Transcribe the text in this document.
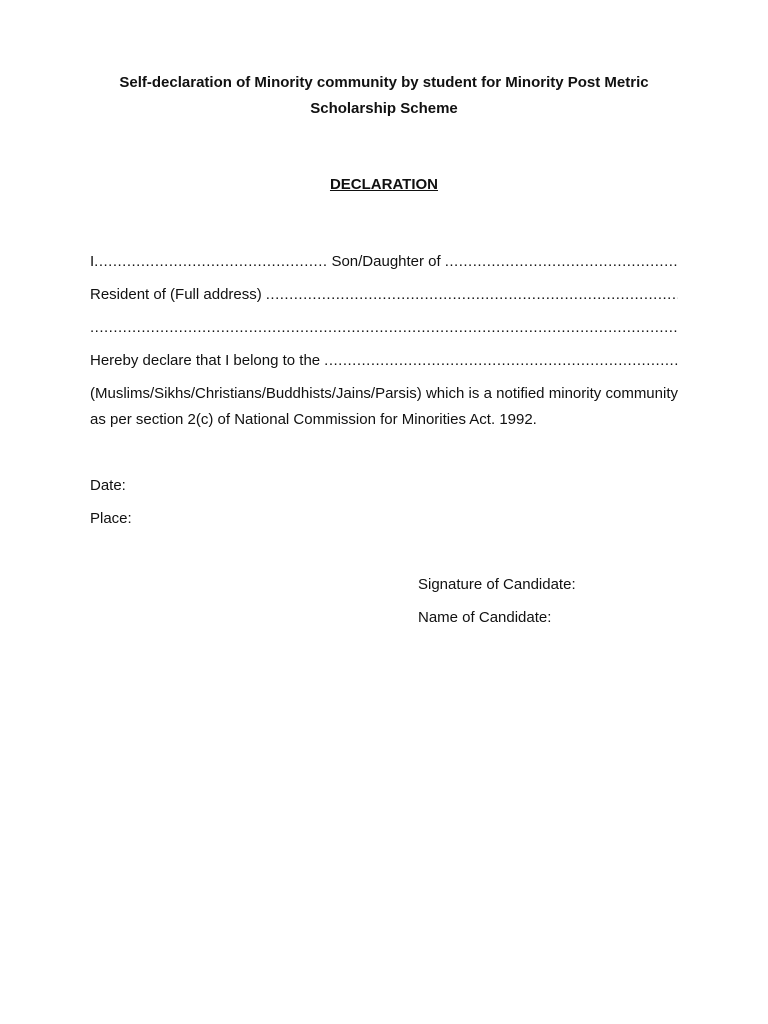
Self-declaration of Minority community by student for Minority Post Metric
Scholarship Scheme
DECLARATION
I
.....	Son/Daughter of
.....
Resident of (Full address)
.....
.....
Hereby declare that I belong to the
.....
(Muslims/Sikhs/Christians/Buddhists/Jains/Parsis) which is a notified minority community as per section 2(c) of National Commission for Minorities Act. 1992.
Date:
Place:
Signature of Candidate:
Name of Candidate:
